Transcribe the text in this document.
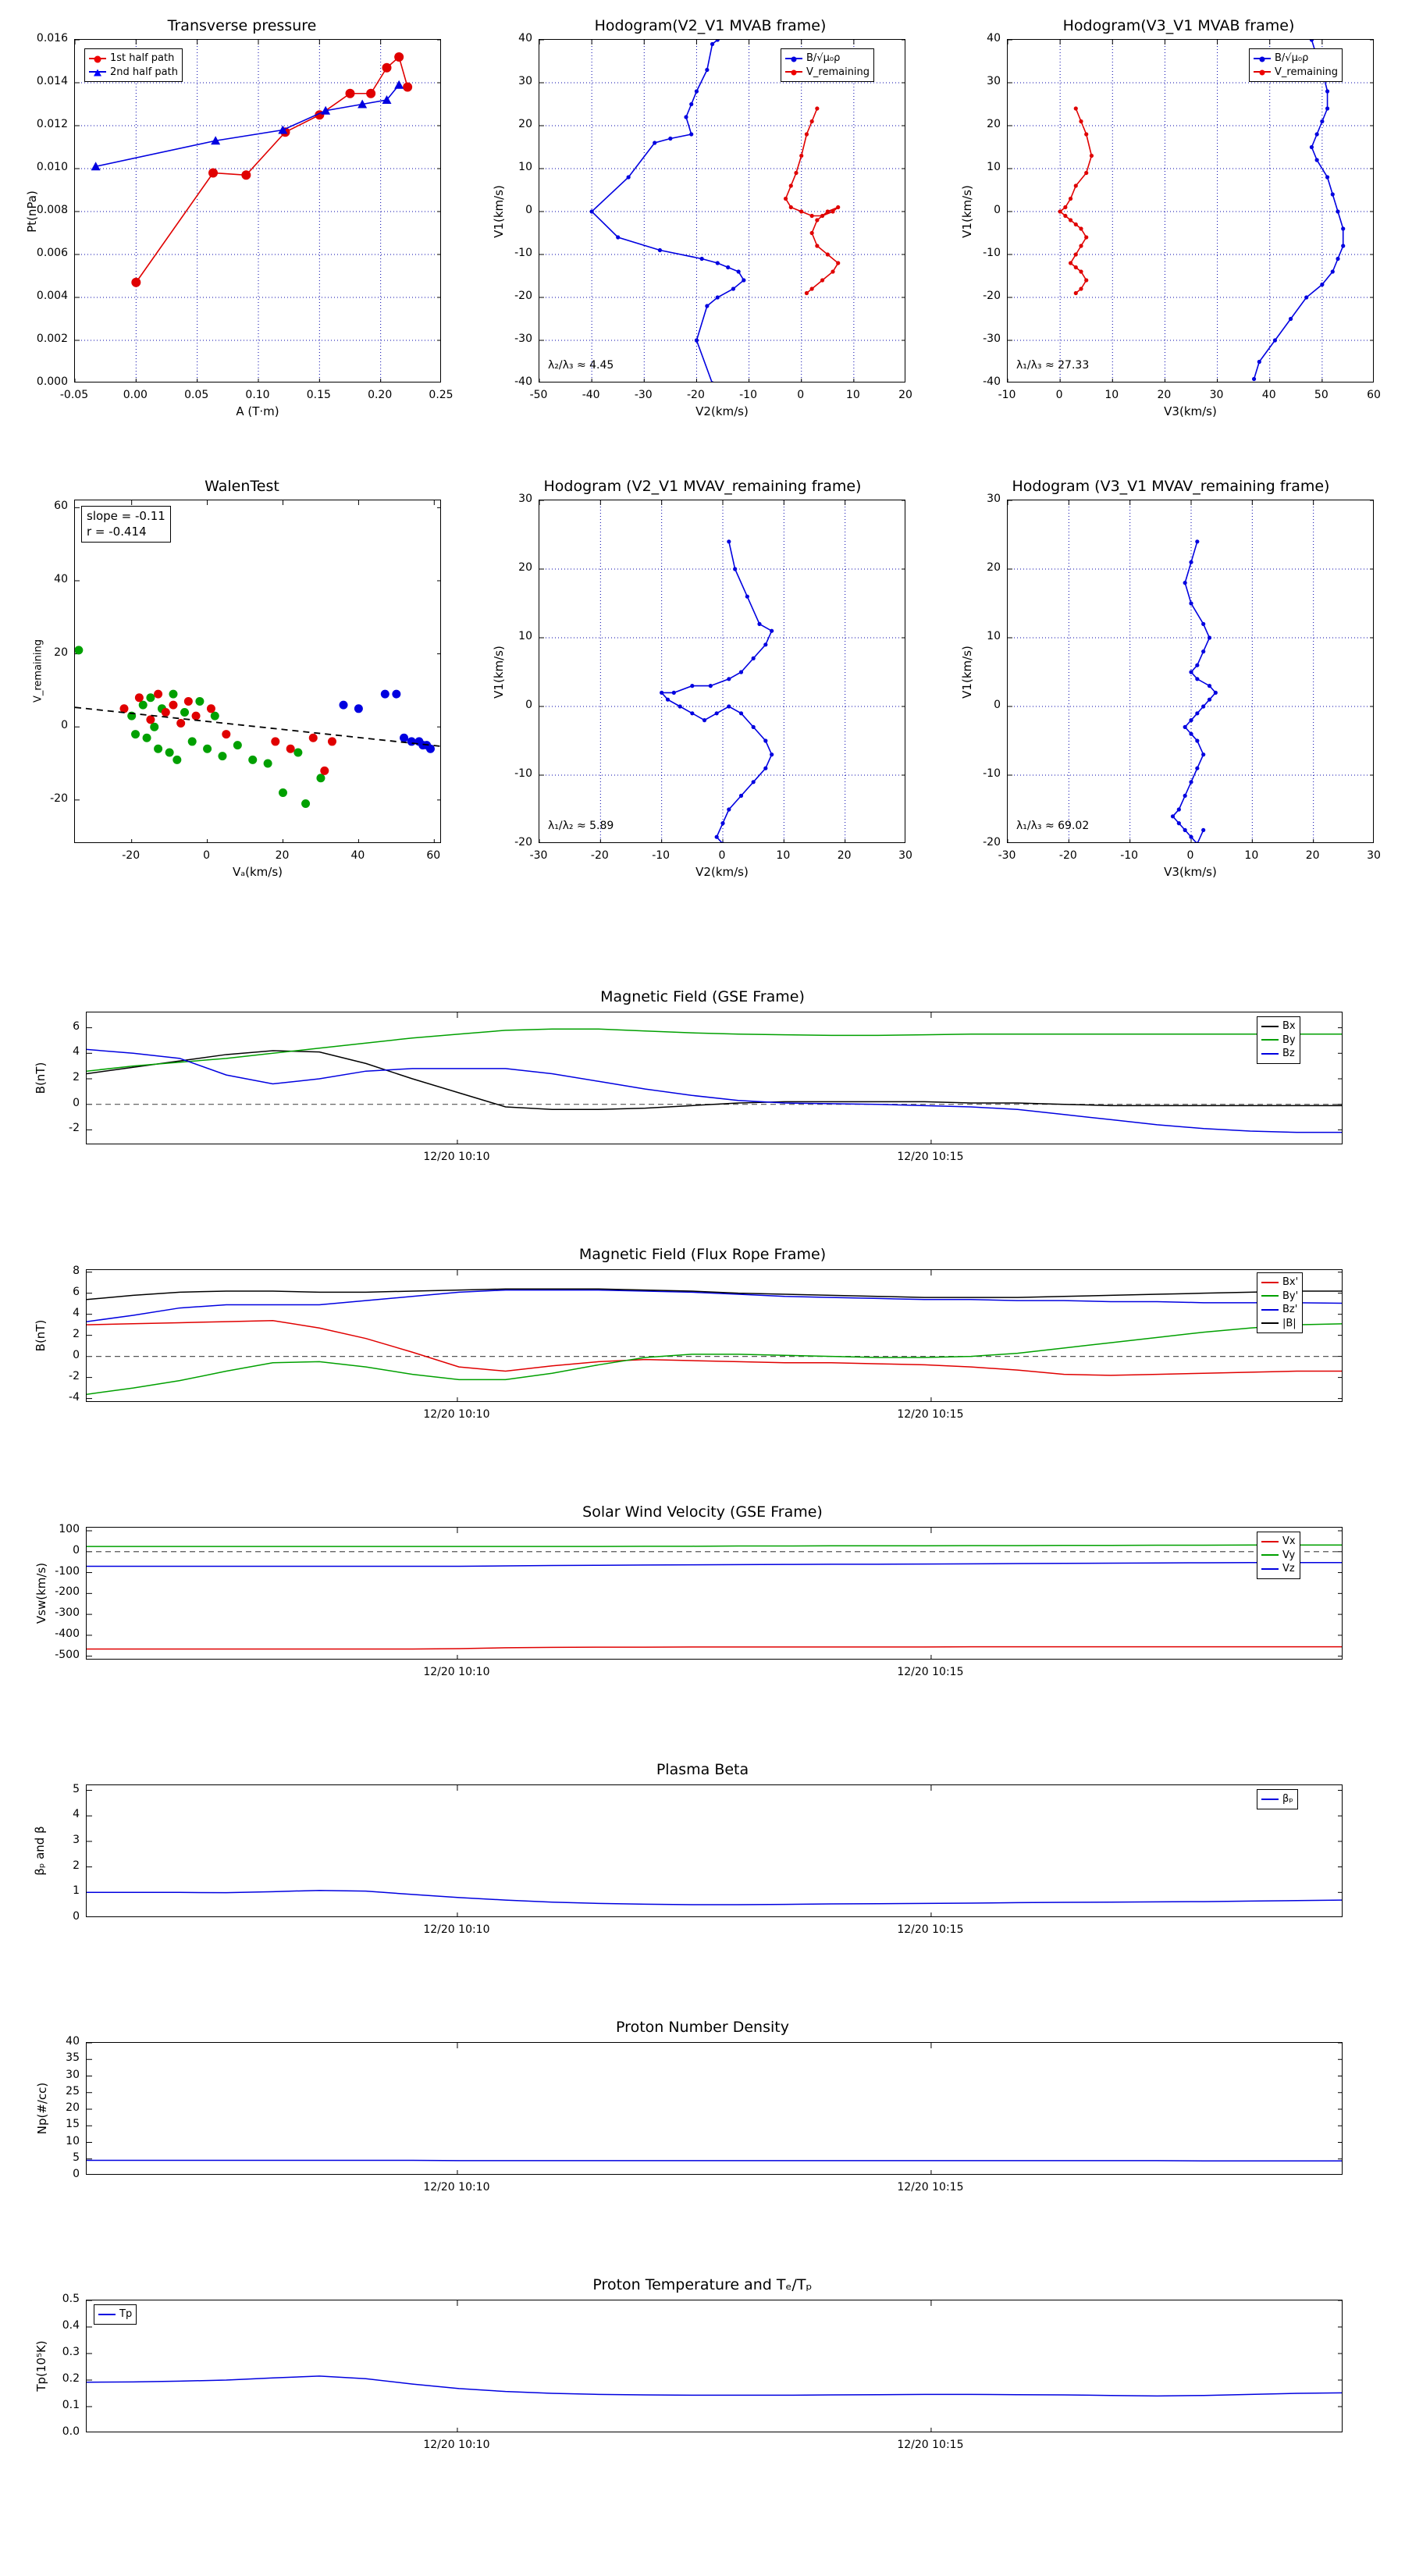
Transverse pressure
Pt(nPa)
A (T·m)
1st half path
2nd half path
0.000
0.002
0.004
0.006
0.008
0.010
0.012
0.014
0.016
-0.05	0.00	0.05	0.10	0.15	0.20	0.25
Hodogram(V2_V1 MVAB frame)
V1(km/s)
V2(km/s)
B/√μ₀ρ
V_remaining
λ₂/λ₃ ≈ 4.45
-40
-30
-20
-10
0
10
20
30
40
-50	-40	-30	-20	-10	0	10	20
Hodogram(V3_V1 MVAB frame)
V1(km/s)
V3(km/s)
B/√μ₀ρ
V_remaining
λ₁/λ₃ ≈ 27.33
-40
-30
-20
-10
0
10
20
30
40
-10	0	10	20	30	40	50	60
WalenTest
V_remaining
Vₐ(km/s)
slope = -0.11
r = -0.414
-20
0
20
40
60
-20	0	20	40	60
Hodogram (V2_V1 MVAV_remaining frame)
V1(km/s)
V2(km/s)
λ₁/λ₂ ≈ 5.89
-20
-10
0
10
20
30
-30	-20	-10	0	10	20	30
Hodogram (V3_V1 MVAV_remaining frame)
V1(km/s)
V3(km/s)
λ₁/λ₃ ≈ 69.02
-20
-10
0
10
20
30
-30	-20	-10	0	10	20	30
Magnetic Field (GSE Frame)
B(nT)
Bx
By
Bz
-2
0
2
4
6
12/20 10:10	12/20 10:15
Magnetic Field (Flux Rope Frame)
B(nT)
Bx'
By'
Bz'
|B|
-4
-2
0
2
4
6
8
12/20 10:10	12/20 10:15
Solar Wind Velocity (GSE Frame)
Vsw(km/s)
Vx
Vy
Vz
-500
-400
-300
-200
-100
0
100
12/20 10:10	12/20 10:15
Plasma Beta
βₚ and β
βₚ
0
1
2
3
4
5
12/20 10:10	12/20 10:15
Proton Number Density
Np(#/cc)
0
5
10
15
20
25
30
35
40
12/20 10:10	12/20 10:15
Proton Temperature and Tₑ/Tₚ
Tp(10⁵K)
Tp
0.0
0.1
0.2
0.3
0.4
0.5
12/20 10:10	12/20 10:15
